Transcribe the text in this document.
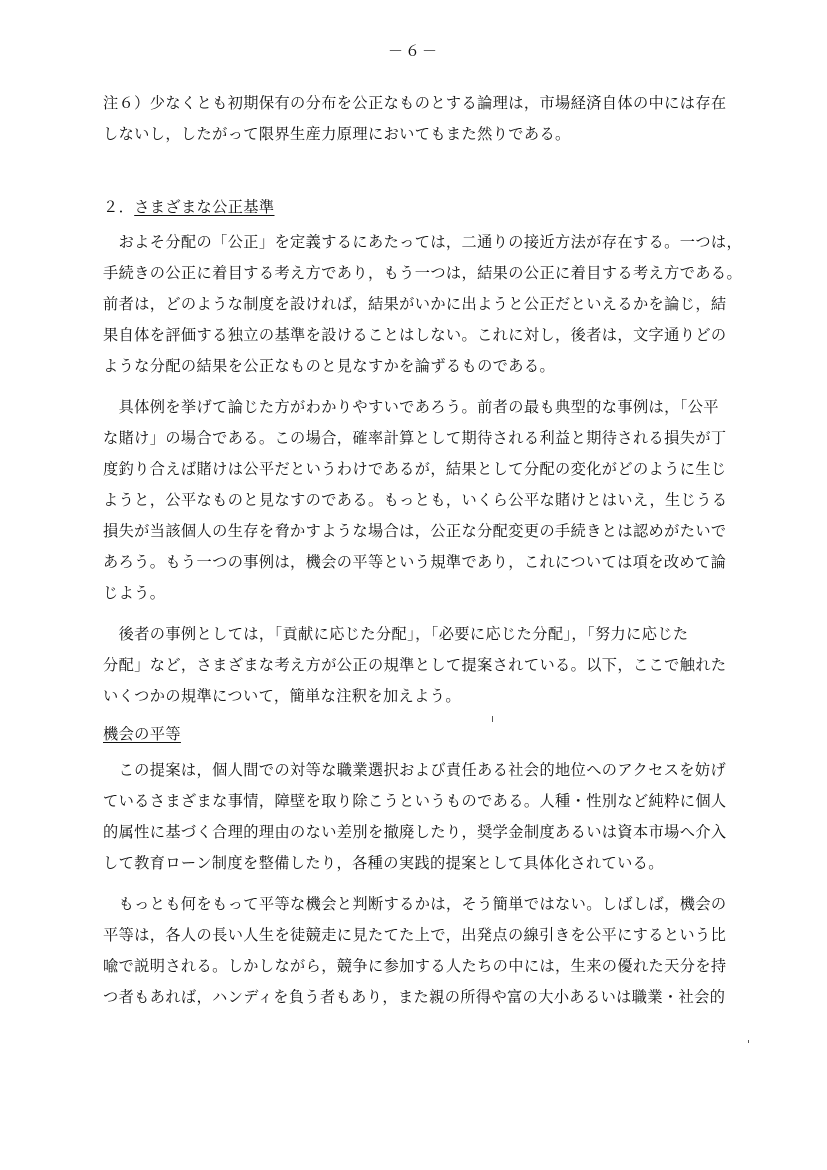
－６－
注６）少なくとも初期保有の分布を公正なものとする論理は，市場経済自体の中には存在
しないし，したがって限界生産力原理においてもまた然りである。
２．さまざまな公正基準
　およそ分配の「公正」を定義するにあたっては，二通りの接近方法が存在する。一つは，
手続きの公正に着目する考え方であり，もう一つは，結果の公正に着目する考え方である。
前者は，どのような制度を設ければ，結果がいかに出ようと公正だといえるかを論じ，結
果自体を評価する独立の基準を設けることはしない。これに対し，後者は，文字通りどの
ような分配の結果を公正なものと見なすかを論ずるものである。
　具体例を挙げて論じた方がわかりやすいであろう。前者の最も典型的な事例は，「公平
な賭け」の場合である。この場合，確率計算として期待される利益と期待される損失が丁
度釣り合えば賭けは公平だというわけであるが，結果として分配の変化がどのように生じ
ようと，公平なものと見なすのである。もっとも，いくら公平な賭けとはいえ，生じうる
損失が当該個人の生存を脅かすような場合は，公正な分配変更の手続きとは認めがたいで
あろう。もう一つの事例は，機会の平等という規準であり，これについては項を改めて論
じよう。
　後者の事例としては，「貢献に応じた分配」，「必要に応じた分配」，「努力に応じた
分配」など，さまざまな考え方が公正の規準として提案されている。以下，ここで触れた
いくつかの規準について，簡単な注釈を加えよう。
機会の平等
　この提案は，個人間での対等な職業選択および責任ある社会的地位へのアクセスを妨げ
ているさまざまな事情，障壁を取り除こうというものである。人種・性別など純粋に個人
的属性に基づく合理的理由のない差別を撤廃したり，奨学金制度あるいは資本市場へ介入
して教育ローン制度を整備したり，各種の実践的提案として具体化されている。
　もっとも何をもって平等な機会と判断するかは，そう簡単ではない。しばしば，機会の
平等は，各人の長い人生を徒競走に見たてた上で，出発点の線引きを公平にするという比
喩で説明される。しかしながら，競争に参加する人たちの中には，生来の優れた天分を持
つ者もあれば，ハンディを負う者もあり，また親の所得や富の大小あるいは職業・社会的
